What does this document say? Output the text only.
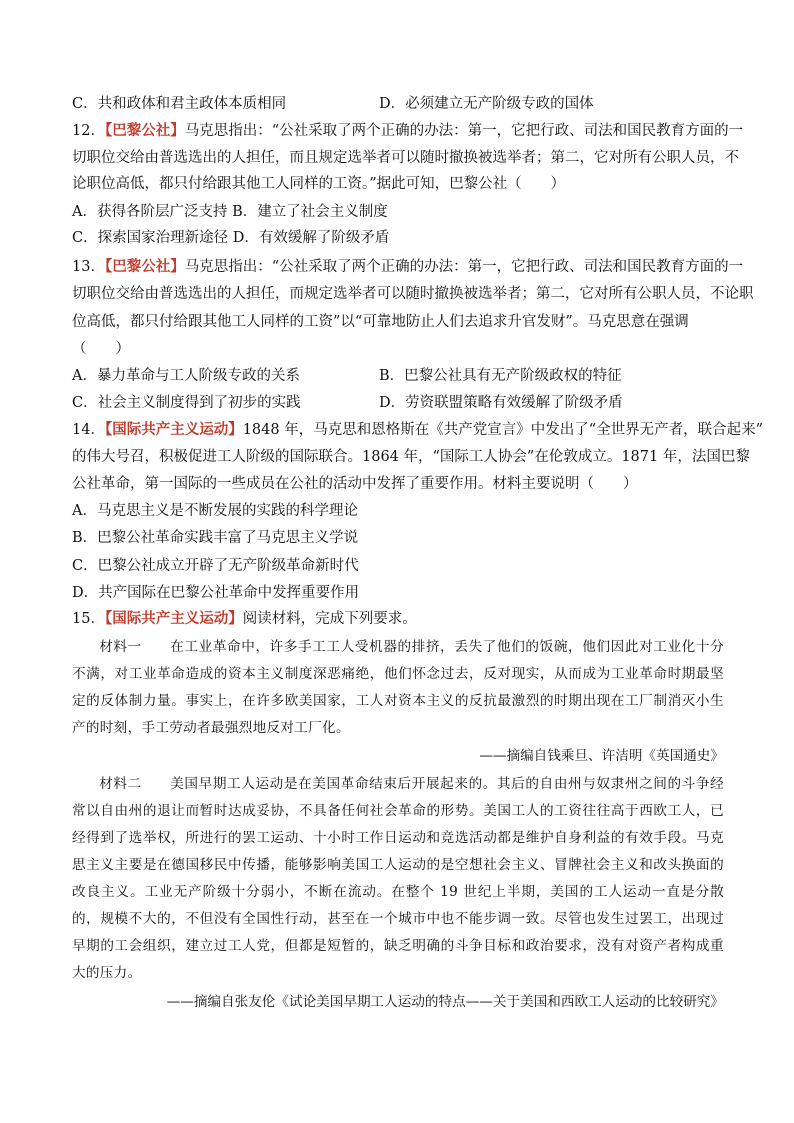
C．共和政体和君主政体本质相同	D．必须建立无产阶级专政的国体
12．【巴黎公社】马克思指出：“公社采取了两个正确的办法：第一，它把行政、司法和国民教育方面的一
切职位交给由普选选出的人担任，而且规定选举者可以随时撤换被选举者；第二，它对所有公职人员，不
论职位高低，都只付给跟其他工人同样的工资。”据此可知，巴黎公社（　　）
A．获得各阶层广泛支持 B．建立了社会主义制度
C．探索国家治理新途径 D．有效缓解了阶级矛盾
13．【巴黎公社】马克思指出：“公社采取了两个正确的办法：第一，它把行政、司法和国民教育方面的一
切职位交给由普选选出的人担任，而规定选举者可以随时撤换被选举者；第二，它对所有公职人员，不论职
位高低，都只付给跟其他工人同样的工资”以“可靠地防止人们去追求升官发财”。马克思意在强调
（　　）
A．暴力革命与工人阶级专政的关系	B．巴黎公社具有无产阶级政权的特征
C．社会主义制度得到了初步的实践	D．劳资联盟策略有效缓解了阶级矛盾
14．【国际共产主义运动】1848 年，马克思和恩格斯在《共产党宣言》中发出了“全世界无产者，联合起来”
的伟大号召，积极促进工人阶级的国际联合。1864 年，“国际工人协会”在伦敦成立。1871 年，法国巴黎
公社革命，第一国际的一些成员在公社的活动中发挥了重要作用。材料主要说明（　　）
A．马克思主义是不断发展的实践的科学理论
B．巴黎公社革命实践丰富了马克思主义学说
C．巴黎公社成立开辟了无产阶级革命新时代
D．共产国际在巴黎公社革命中发挥重要作用
15．【国际共产主义运动】阅读材料，完成下列要求。
材料一　　在工业革命中，许多手工工人受机器的排挤，丢失了他们的饭碗，他们因此对工业化十分不满，对工业革命造成的资本主义制度深恶痛绝，他们怀念过去，反对现实，从而成为工业革命时期最坚定的反体制力量。事实上，在许多欧美国家，工人对资本主义的反抗最激烈的时期出现在工厂制消灭小生产的时刻，手工劳动者最强烈地反对工厂化。
——摘编自钱乘旦、许洁明《英国通史》
材料二　　美国早期工人运动是在美国革命结束后开展起来的。其后的自由州与奴隶州之间的斗争经常以自由州的退让而暂时达成妥协，不具备任何社会革命的形势。美国工人的工资往往高于西欧工人，已经得到了选举权，所进行的罢工运动、十小时工作日运动和竞选活动都是维护自身利益的有效手段。马克思主义主要是在德国移民中传播，能够影响美国工人运动的是空想社会主义、冒牌社会主义和改头换面的改良主义。工业无产阶级十分弱小，不断在流动。在整个 19 世纪上半期，美国的工人运动一直是分散的，规模不大的，不但没有全国性行动，甚至在一个城市中也不能步调一致。尽管也发生过罢工，出现过早期的工会组织，建立过工人党，但都是短暂的，缺乏明确的斗争目标和政治要求，没有对资产者构成重大的压力。
——摘编自张友伦《试论美国早期工人运动的特点——关于美国和西欧工人运动的比较研究》
